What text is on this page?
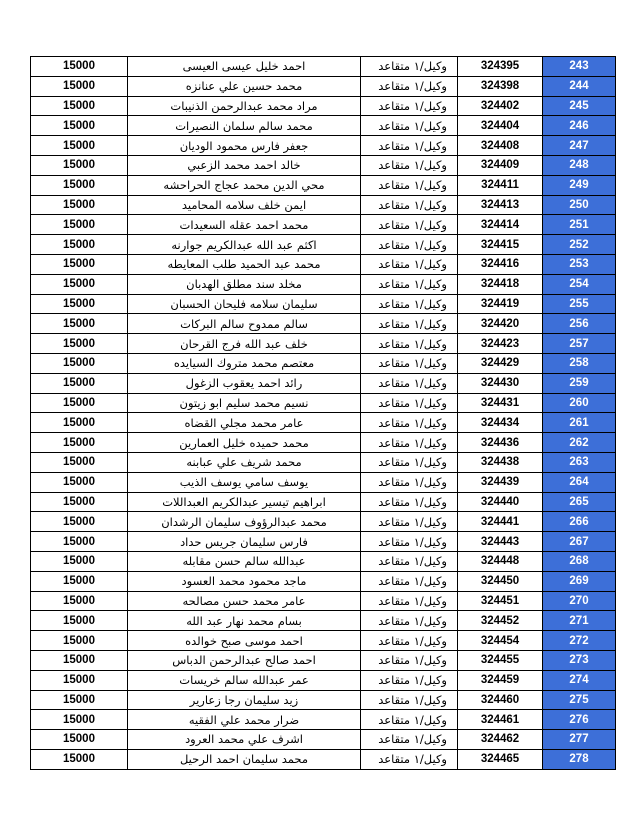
15000	احمد خليل عيسى العيسى	وكيل/١ متقاعد	324395	243
15000	محمد حسين علي عنانزه	وكيل/١ متقاعد	324398	244
15000	مراد محمد عبدالرحمن الذنيبات	وكيل/١ متقاعد	324402	245
15000	محمد سالم سلمان النصيرات	وكيل/١ متقاعد	324404	246
15000	جعفر فارس محمود الوديان	وكيل/١ متقاعد	324408	247
15000	خالد احمد محمد الزعبي	وكيل/١ متقاعد	324409	248
15000	محي الدين محمد عجاج الحراحشه	وكيل/١ متقاعد	324411	249
15000	ايمن خلف سلامه المحاميد	وكيل/١ متقاعد	324413	250
15000	محمد احمد عقله السعيدات	وكيل/١ متقاعد	324414	251
15000	اكثم عبد الله عبدالكريم جوارنه	وكيل/١ متقاعد	324415	252
15000	محمد عبد الحميد طلب المعايطه	وكيل/١ متقاعد	324416	253
15000	مخلد سند مطلق الهدبان	وكيل/١ متقاعد	324418	254
15000	سليمان سلامه فليحان الحسبان	وكيل/١ متقاعد	324419	255
15000	سالم ممدوح سالم البركات	وكيل/١ متقاعد	324420	256
15000	خلف عبد الله فرج القرحان	وكيل/١ متقاعد	324423	257
15000	معتصم محمد متروك السيايده	وكيل/١ متقاعد	324429	258
15000	رائد احمد يعقوب الزغول	وكيل/١ متقاعد	324430	259
15000	نسيم محمد سليم ابو زيتون	وكيل/١ متقاعد	324431	260
15000	عامر محمد مجلي القضاه	وكيل/١ متقاعد	324434	261
15000	محمد حميده خليل العمارين	وكيل/١ متقاعد	324436	262
15000	محمد شريف علي عبابنه	وكيل/١ متقاعد	324438	263
15000	يوسف سامي يوسف الذيب	وكيل/١ متقاعد	324439	264
15000	ابراهيم تيسير عبدالكريم العبداللات	وكيل/١ متقاعد	324440	265
15000	محمد عبدالرؤوف سليمان الرشدان	وكيل/١ متقاعد	324441	266
15000	فارس سليمان جريس حداد	وكيل/١ متقاعد	324443	267
15000	عبدالله سالم حسن مقابله	وكيل/١ متقاعد	324448	268
15000	ماجد محمود محمد العسود	وكيل/١ متقاعد	324450	269
15000	عامر محمد حسن مصالحه	وكيل/١ متقاعد	324451	270
15000	بسام محمد نهار عبد الله	وكيل/١ متقاعد	324452	271
15000	احمد موسى صبح خوالده	وكيل/١ متقاعد	324454	272
15000	احمد صالح عبدالرحمن الدباس	وكيل/١ متقاعد	324455	273
15000	عمر عبدالله سالم خريسات	وكيل/١ متقاعد	324459	274
15000	زيد سليمان رجا زعارير	وكيل/١ متقاعد	324460	275
15000	ضرار محمد علي الفقيه	وكيل/١ متقاعد	324461	276
15000	اشرف علي محمد العرود	وكيل/١ متقاعد	324462	277
15000	محمد سليمان احمد الرحيل	وكيل/١ متقاعد	324465	278
